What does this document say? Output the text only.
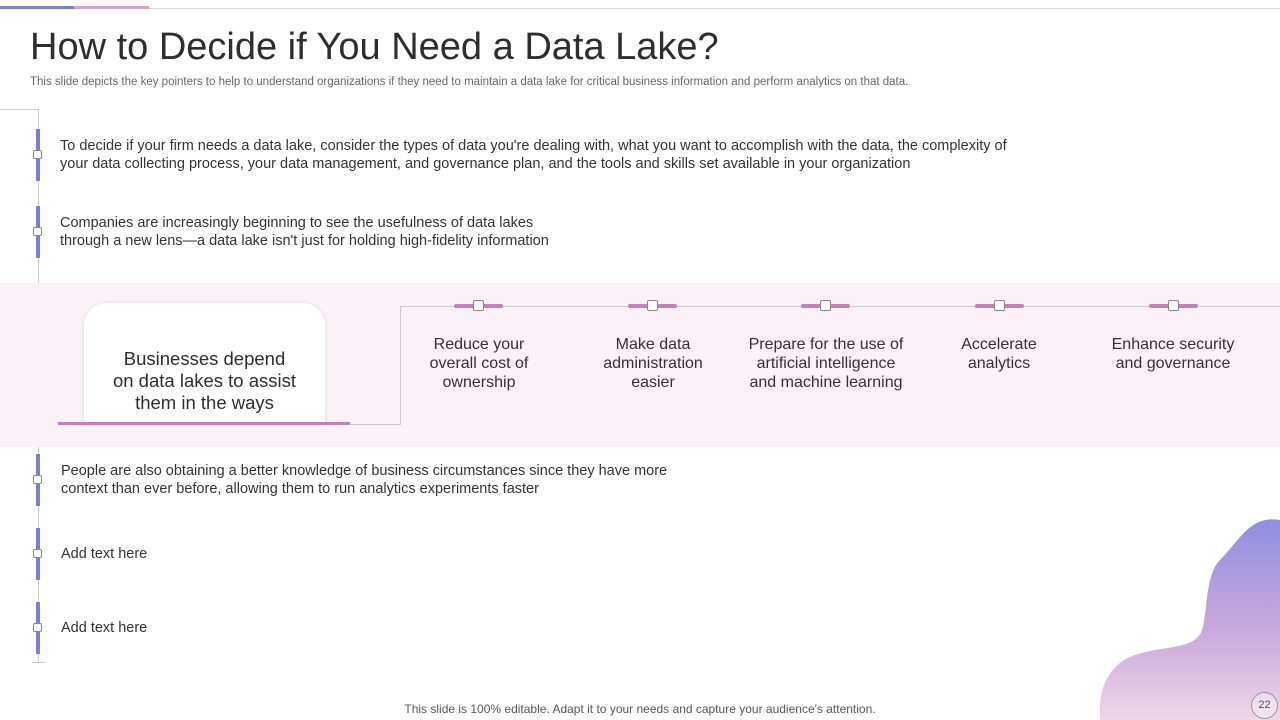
How to Decide if You Need a Data Lake?
This slide depicts the key pointers to help to understand organizations if they need to maintain a data lake for critical business information and perform analytics on that data.
To decide if your firm needs a data lake, consider the types of data you're dealing with, what you want to accomplish with the data, the complexity of
your data collecting process, your data management, and governance plan, and the tools and skills set available in your organization
Companies are increasingly beginning to see the usefulness of data lakes
through a new lens—a data lake isn't just for holding high-fidelity information
Businesses depend
on data lakes to assist
them in the ways
Reduce your
overall cost of
ownership
Make data
administration
easier
Prepare for the use of
artificial intelligence
and machine learning
Accelerate
analytics
Enhance security
and governance
People are also obtaining a better knowledge of business circumstances since they have more
context than ever before, allowing them to run analytics experiments faster
Add text here
Add text here
This slide is 100% editable. Adapt it to your needs and capture your audience's attention.	22
